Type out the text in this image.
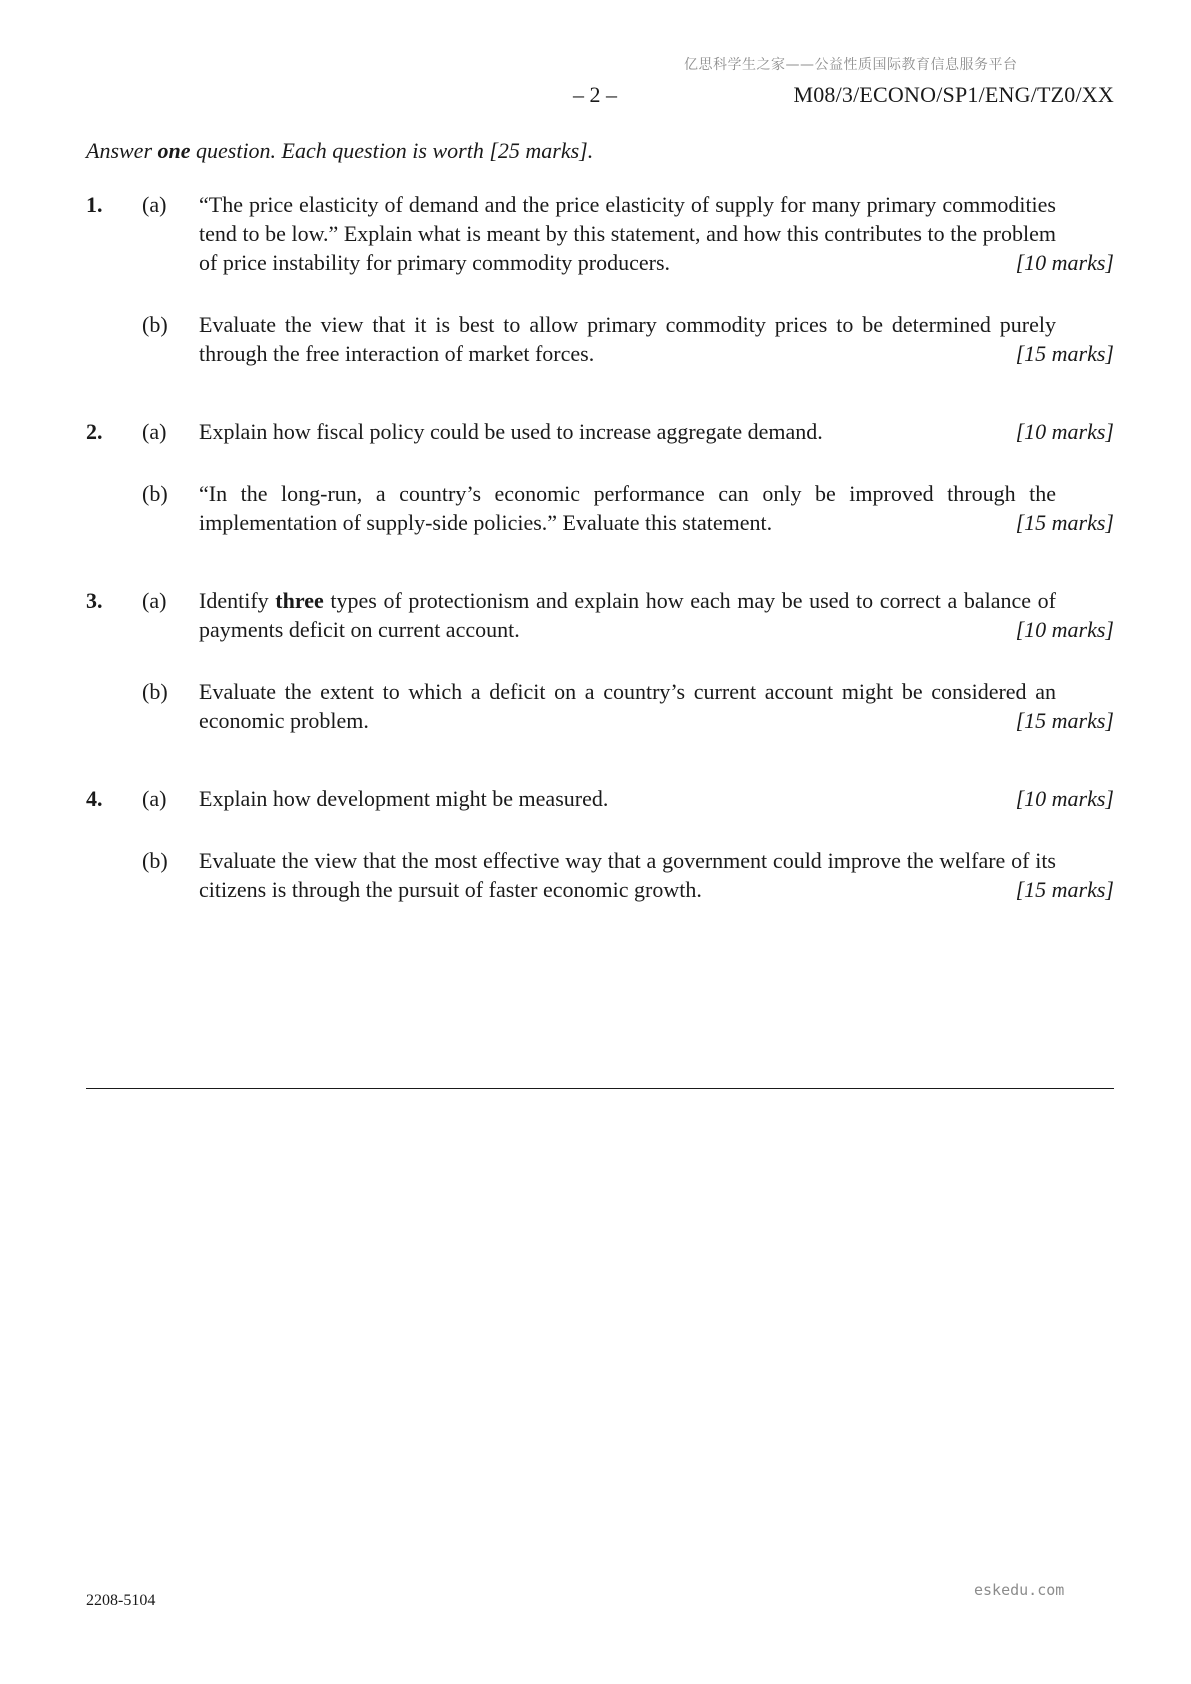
亿思科学生之家——公益性质国际教育信息服务平台
– 2 –	M08/3/ECONO/SP1/ENG/TZ0/XX
Answer one question. Each question is worth [25 marks].
1.	(a)	“The price elasticity of demand and the price elasticity of supply for many primary commodities tend to be low.” Explain what is meant by this statement, and how this contributes to the problem of price instability for primary commodity producers.	[10 marks]
(b)	Evaluate the view that it is best to allow primary commodity prices to be determined purely through the free interaction of market forces.	[15 marks]
2.	(a)	Explain how fiscal policy could be used to increase aggregate demand.	[10 marks]
(b)	“In the long-run, a country’s economic performance can only be improved through the implementation of supply-side policies.” Evaluate this statement.	[15 marks]
3.	(a)	Identify three types of protectionism and explain how each may be used to correct a balance of payments deficit on current account.	[10 marks]
(b)	Evaluate the extent to which a deficit on a country’s current account might be considered an economic problem.	[15 marks]
4.	(a)	Explain how development might be measured.	[10 marks]
(b)	Evaluate the view that the most effective way that a government could improve the welfare of its citizens is through the pursuit of faster economic growth.	[15 marks]
eskedu.com
2208-5104
